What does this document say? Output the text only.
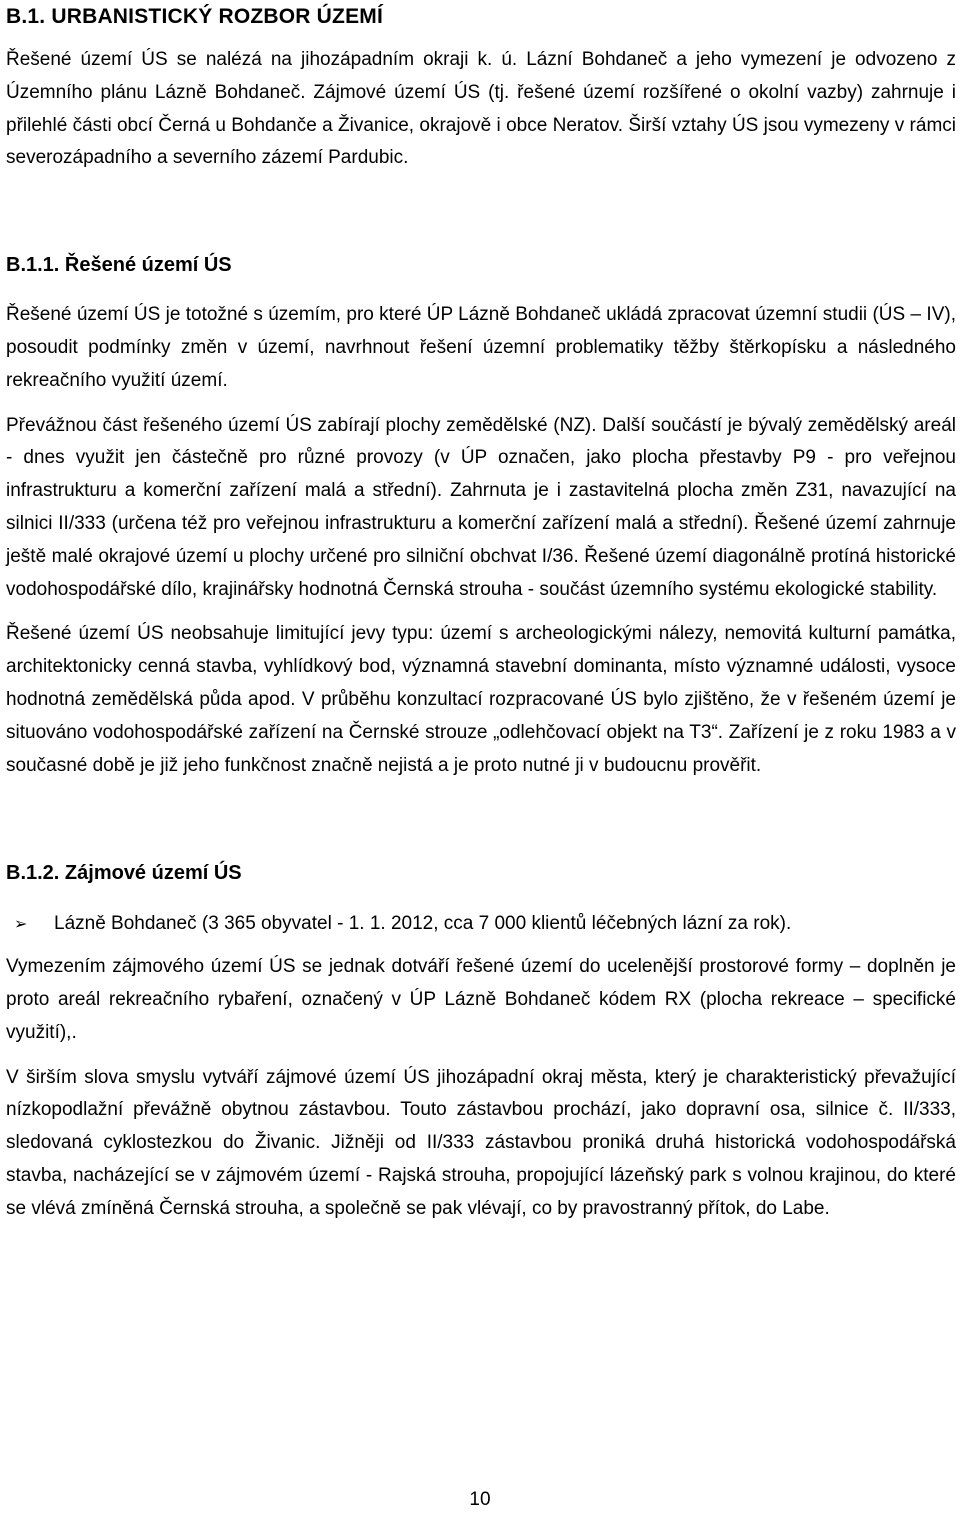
B.1. URBANISTICKÝ ROZBOR ÚZEMÍ
Řešené území ÚS se nalézá na jihozápadním okraji k. ú. Lázní Bohdaneč a jeho vymezení je odvozeno z Územního plánu Lázně Bohdaneč. Zájmové území ÚS (tj. řešené území rozšířené o okolní vazby) zahrnuje i přilehlé části obcí Černá u Bohdanče a Živanice, okrajově i obce Neratov. Širší vztahy ÚS jsou vymezeny v rámci severozápadního a severního zázemí Pardubic.
B.1.1. Řešené území ÚS
Řešené území ÚS je totožné s územím, pro které ÚP Lázně Bohdaneč ukládá zpracovat územní studii (ÚS – IV), posoudit podmínky změn v území, navrhnout řešení územní problematiky těžby štěrkopísku a následného rekreačního využití území.
Převážnou část řešeného území ÚS zabírají plochy zemědělské (NZ). Další součástí je bývalý zemědělský areál - dnes využit jen částečně pro různé provozy (v ÚP označen, jako plocha přestavby P9 - pro veřejnou infrastrukturu a komerční zařízení malá a střední). Zahrnuta je i zastavitelná plocha změn Z31, navazující na silnici II/333 (určena též pro veřejnou infrastrukturu a komerční zařízení malá a střední). Řešené území zahrnuje ještě malé okrajové území u plochy určené pro silniční obchvat I/36. Řešené území diagonálně protíná historické vodohospodářské dílo, krajinářsky hodnotná Černská strouha - součást územního systému ekologické stability.
Řešené území ÚS neobsahuje limitující jevy typu: území s archeologickými nálezy, nemovitá kulturní památka, architektonicky cenná stavba, vyhlídkový bod, významná stavební dominanta, místo významné události, vysoce hodnotná zemědělská půda apod. V průběhu konzultací rozpracované ÚS bylo zjištěno, že v řešeném území je situováno vodohospodářské zařízení na Černské strouze „odlehčovací objekt na T3“. Zařízení je z roku 1983 a v současné době je již jeho funkčnost značně nejistá a je proto nutné ji v budoucnu prověřit.
B.1.2. Zájmové území ÚS
➢	Lázně Bohdaneč (3 365 obyvatel - 1. 1. 2012, cca 7 000 klientů léčebných lázní za rok).
Vymezením zájmového území ÚS se jednak dotváří řešené území do ucelenější prostorové formy – doplněn je proto areál rekreačního rybaření, označený v ÚP Lázně Bohdaneč kódem RX (plocha rekreace – specifické využití),.
V širším slova smyslu vytváří zájmové území ÚS jihozápadní okraj města, který je charakteristický převažující nízkopodlažní převážně obytnou zástavbou. Touto zástavbou prochází, jako dopravní osa, silnice č. II/333, sledovaná cyklostezkou do Živanic. Jižněji od II/333 zástavbou proniká druhá historická vodohospodářská stavba, nacházející se v zájmovém území - Rajská strouha, propojující lázeňský park s volnou krajinou, do které se vlévá zmíněná Černská strouha, a společně se pak vlévají, co by pravostranný přítok, do Labe.
10
